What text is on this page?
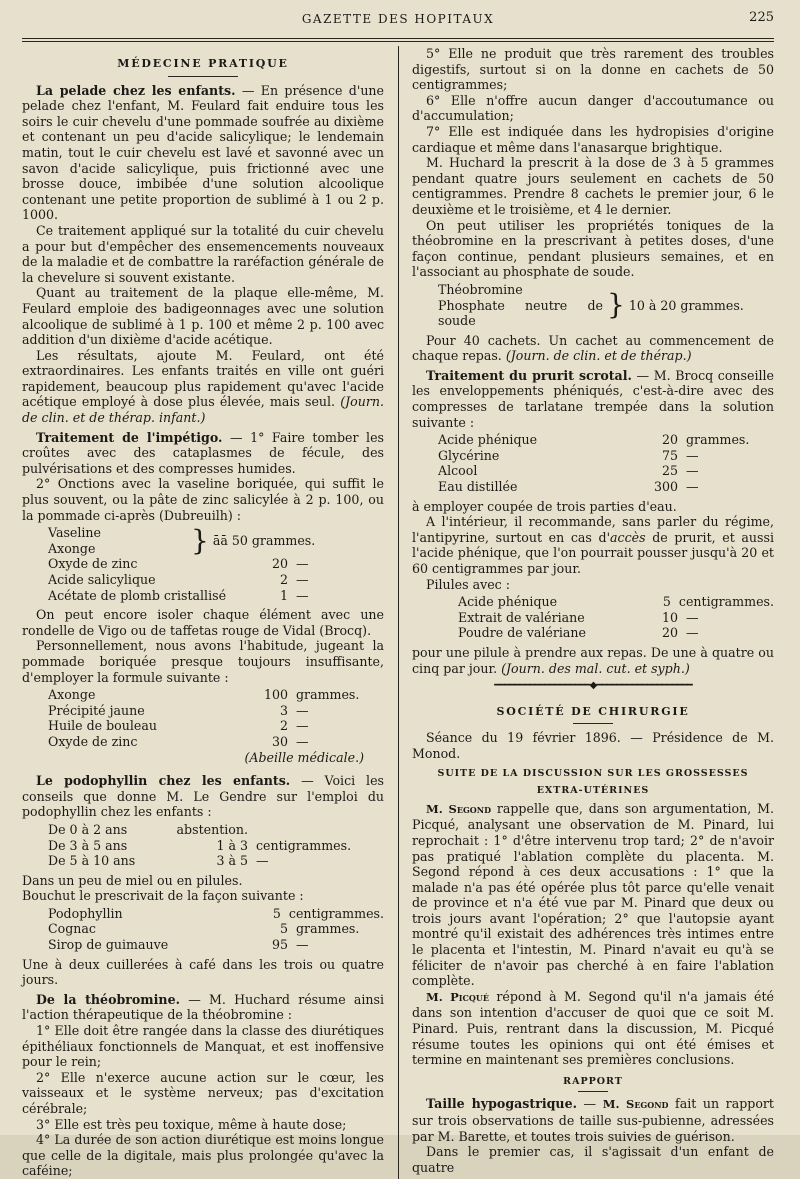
GAZETTE DES HOPITAUX	225
MÉDECINE PRATIQUE

La pelade chez les enfants. — En présence d'une pelade chez l'enfant, M. Feulard fait enduire tous les soirs le cuir chevelu d'une pommade soufrée au dixième et contenant un peu d'acide salicylique; le lendemain matin, tout le cuir chevelu est lavé et savonné avec un savon d'acide salicylique, puis frictionné avec une brosse douce, imbibée d'une solution alcoolique contenant une petite proportion de sublimé à 1 ou 2 p. 1000.

Ce traitement appliqué sur la totalité du cuir chevelu a pour but d'empêcher des ensemencements nouveaux de la maladie et de combattre la raréfaction générale de la chevelure si souvent existante.

Quant au traitement de la plaque elle-même, M. Feulard emploie des badigeonnages avec une solution alcoolique de sublimé à 1 p. 100 et même 2 p. 100 avec addition d'un dixième d'acide acétique.

Les résultats, ajoute M. Feulard, ont été extraordinaires. Les enfants traités en ville ont guéri rapidement, beaucoup plus rapidement qu'avec l'acide acétique employé à dose plus élevée, mais seul. (Journ. de clin. et de thérap. infant.)

Traitement de l'impétigo. — 1° Faire tomber les croûtes avec des cataplasmes de fécule, des pulvérisations et des compresses humides.

2° Onctions avec la vaseline boriquée, qui suffit le plus souvent, ou la pâte de zinc salicylée à 2 p. 100, ou la pommade ci-après (Dubreuilh) :

Vaseline
Axonge	} āā 50 grammes.
Oxyde de zinc	20 —
Acide salicylique	2 —
Acétate de plomb cristallisé	1 —

On peut encore isoler chaque élément avec une rondelle de Vigo ou de taffetas rouge de Vidal (Brocq).

Personnellement, nous avons l'habitude, jugeant la pommade boriquée presque toujours insuffisante, d'employer la formule suivante :

Axonge	100 grammes.
Précipité jaune	3 —
Huile de bouleau	2 —
Oxyde de zinc	30 —
(Abeille médicale.)

Le podophyllin chez les enfants. — Voici les conseils que donne M. Le Gendre sur l'emploi du podophyllin chez les enfants :

De 0 à 2 ans	abstention.
De 3 à 5 ans	1 à 3 centigrammes.
De 5 à 10 ans	3 à 5 —

Dans un peu de miel ou en pilules.

Bouchut le prescrivait de la façon suivante :

Podophyllin	5 centigrammes.
Cognac	5 grammes.
Sirop de guimauve	95 —

Une à deux cuillerées à café dans les trois ou quatre jours.

De la théobromine. — M. Huchard résume ainsi l'action thérapeutique de la théobromine :

1° Elle doit être rangée dans la classe des diurétiques épithéliaux fonctionnels de Manquat, et est inoffensive pour le rein;

2° Elle n'exerce aucune action sur le cœur, les vaisseaux et le système nerveux; pas d'excitation cérébrale;

3° Elle est très peu toxique, même à haute dose;

4° La durée de son action diurétique est moins longue que celle de la digitale, mais plus prolongée qu'avec la caféine;

5° Elle ne produit que très rarement des troubles digestifs, surtout si on la donne en cachets de 50 centigrammes;

6° Elle n'offre aucun danger d'accoutumance ou d'accumulation;

7° Elle est indiquée dans les hydropisies d'origine cardiaque et même dans l'anasarque brightique.

M. Huchard la prescrit à la dose de 3 à 5 grammes pendant quatre jours seulement en cachets de 50 centigrammes. Prendre 8 cachets le premier jour, 6 le deuxième et le troisième, et 4 le dernier.

On peut utiliser les propriétés toniques de la théobromine en la prescrivant à petites doses, d'une façon continue, pendant plusieurs semaines, et en l'associant au phosphate de soude.

Théobromine
Phosphate neutre de soude	} 10 à 20 grammes.

Pour 40 cachets. Un cachet au commencement de chaque repas. (Journ. de clin. et de thérap.)

Traitement du prurit scrotal. — M. Brocq conseille les enveloppements phéniqués, c'est-à-dire avec des compresses de tarlatane trempée dans la solution suivante :

Acide phénique	20 grammes.
Glycérine	75 —
Alcool	25 —
Eau distillée	300 —

à employer coupée de trois parties d'eau.

A l'intérieur, il recommande, sans parler du régime, l'antipyrine, surtout en cas d'accès de prurit, et aussi l'acide phénique, que l'on pourrait pousser jusqu'à 20 et 60 centigrammes par jour.

Pilules avec :

Acide phénique	5 centigrammes.
Extrait de valériane	10 —
Poudre de valériane	20 —

pour une pilule à prendre aux repas. De une à quatre ou cinq par jour. (Journ. des mal. cut. et syph.)

━━━━━━━━━━━━━━━━━━━◆━━━━━━━━━━━━━━━━━━━
SOCIÉTÉ DE CHIRURGIE

Séance du 19 février 1896. — Présidence de M. Monod.

SUITE DE LA DISCUSSION SUR LES GROSSESSES
EXTRA-UTÉRINES

M. Segond rappelle que, dans son argumentation, M. Picqué, analysant une observation de M. Pinard, lui reprochait : 1° d'être intervenu trop tard; 2° de n'avoir pas pratiqué l'ablation complète du placenta. M. Segond répond à ces deux accusations : 1° que la malade n'a pas été opérée plus tôt parce qu'elle venait de province et n'a été vue par M. Pinard que deux ou trois jours avant l'opération; 2° que l'autopsie ayant montré qu'il existait des adhérences très intimes entre le placenta et l'intestin, M. Pinard n'avait eu qu'à se féliciter de n'avoir pas cherché à en faire l'ablation complète.

M. Picqué répond à M. Segond qu'il n'a jamais été dans son intention d'accuser de quoi que ce soit M. Pinard. Puis, rentrant dans la discussion, M. Picqué résume toutes les opinions qui ont été émises et termine en maintenant ses premières conclusions.

RAPPORT

Taille hypogastrique. — M. Segond fait un rapport sur trois observations de taille sus-pubienne, adressées par M. Barette, et toutes trois suivies de guérison.

Dans le premier cas, il s'agissait d'un enfant de quatre
